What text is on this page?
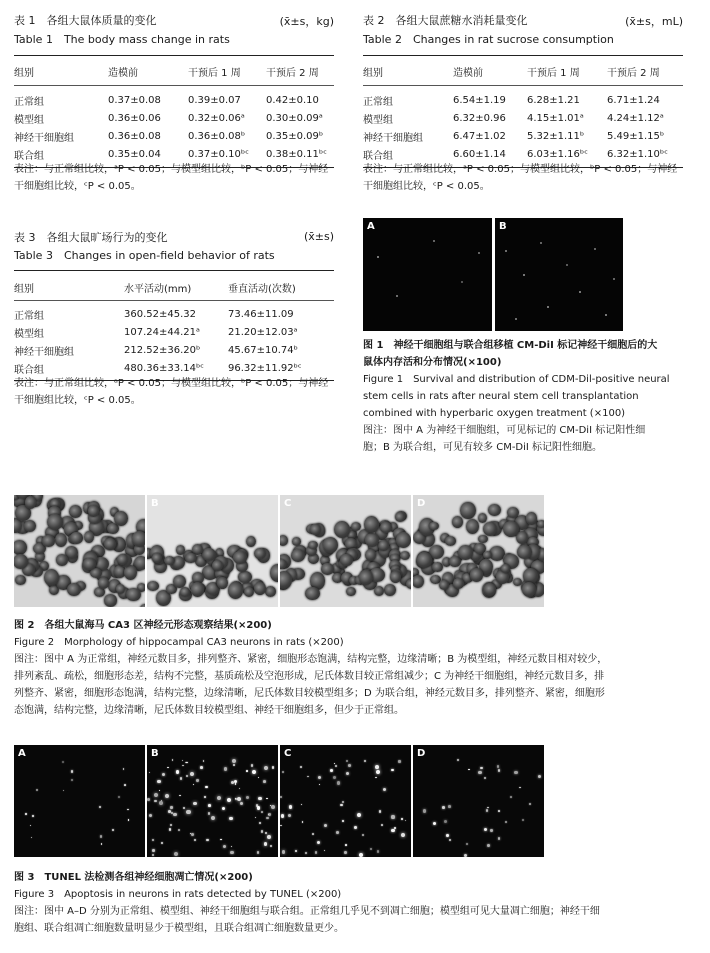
表 1　各组大鼠体质量的变化	(x̄±s，kg)
Table 1　The body mass change in rats
组别	造模前	干预后 1 周	干预后 2 周
正常组	0.37±0.08	0.39±0.07	0.42±0.10
模型组	0.36±0.06	0.32±0.06ᵃ	0.30±0.09ᵃ
神经干细胞组	0.36±0.08	0.36±0.08ᵇ	0.35±0.09ᵇ
联合组	0.35±0.04	0.37±0.10ᵇᶜ	0.38±0.11ᵇᶜ
表注：与正常组比较，ᵃP < 0.05；与模型组比较，ᵇP < 0.05；与神经
干细胞组比较，ᶜP < 0.05。
表 2　各组大鼠蔗糖水消耗量变化	(x̄±s，mL)
Table 2　Changes in rat sucrose consumption
组别	造模前	干预后 1 周	干预后 2 周
正常组	6.54±1.19	6.28±1.21	6.71±1.24
模型组	6.32±0.96	4.15±1.01ᵃ	4.24±1.12ᵃ
神经干细胞组	6.47±1.02	5.32±1.11ᵇ	5.49±1.15ᵇ
联合组	6.60±1.14	6.03±1.16ᵇᶜ	6.32±1.10ᵇᶜ
表注：与正常组比较，ᵃP < 0.05；与模型组比较，ᵇP < 0.05；与神经
干细胞组比较，ᶜP < 0.05。
表 3　各组大鼠旷场行为的变化	(x̄±s)
Table 3　Changes in open-field behavior of rats
组别	水平活动(mm)	垂直活动(次数)
正常组	360.52±45.32	73.46±11.09
模型组	107.24±44.21ᵃ	21.20±12.03ᵃ
神经干细胞组	212.52±36.20ᵇ	45.67±10.74ᵇ
联合组	480.36±33.14ᵇᶜ	96.32±11.92ᵇᶜ
表注：与正常组比较，ᵃP < 0.05；与模型组比较，ᵇP < 0.05；与神经
干细胞组比较，ᶜP < 0.05。
A	B
图 1　神经干细胞组与联合组移植 CM-DiI 标记神经干细胞后的大
鼠体内存活和分布情况(×100)
Figure 1　Survival and distribution of CDM-Dil-positive neural
stem cells in rats after neural stem cell transplantation
combined with hyperbaric oxygen treatment (×100)
图注：图中 A 为神经干细胞组，可见标记的 CM-DiI 标记阳性细
胞；B 为联合组，可见有较多 CM-DiI 标记阳性细胞。
B	C	D
图 2　各组大鼠海马 CA3 区神经元形态观察结果(×200)
Figure 2　Morphology of hippocampal CA3 neurons in rats (×200)
图注：图中 A 为正常组，神经元数目多，排列整齐、紧密，细胞形态饱满，结构完整，边缘清晰；B 为模型组，神经元数目相对较少，
排列紊乱、疏松，细胞形态差，结构不完整，基质疏松及空泡形成，尼氏体数目较正常组减少；C 为神经干细胞组，神经元数目多，排
列整齐、紧密，细胞形态饱满，结构完整，边缘清晰，尼氏体数目较模型组多；D 为联合组，神经元数目多，排列整齐、紧密，细胞形
态饱满，结构完整，边缘清晰，尼氏体数目较模型组、神经干细胞组多，但少于正常组。
A	B	C	D
图 3　TUNEL 法检测各组神经细胞凋亡情况(×200)
Figure 3　Apoptosis in neurons in rats detected by TUNEL (×200)
图注：图中 A–D 分别为正常组、模型组、神经干细胞组与联合组。正常组几乎见不到凋亡细胞；模型组可见大量凋亡细胞；神经干细
胞组、联合组凋亡细胞数量明显少于模型组，且联合组凋亡细胞数量更少。
